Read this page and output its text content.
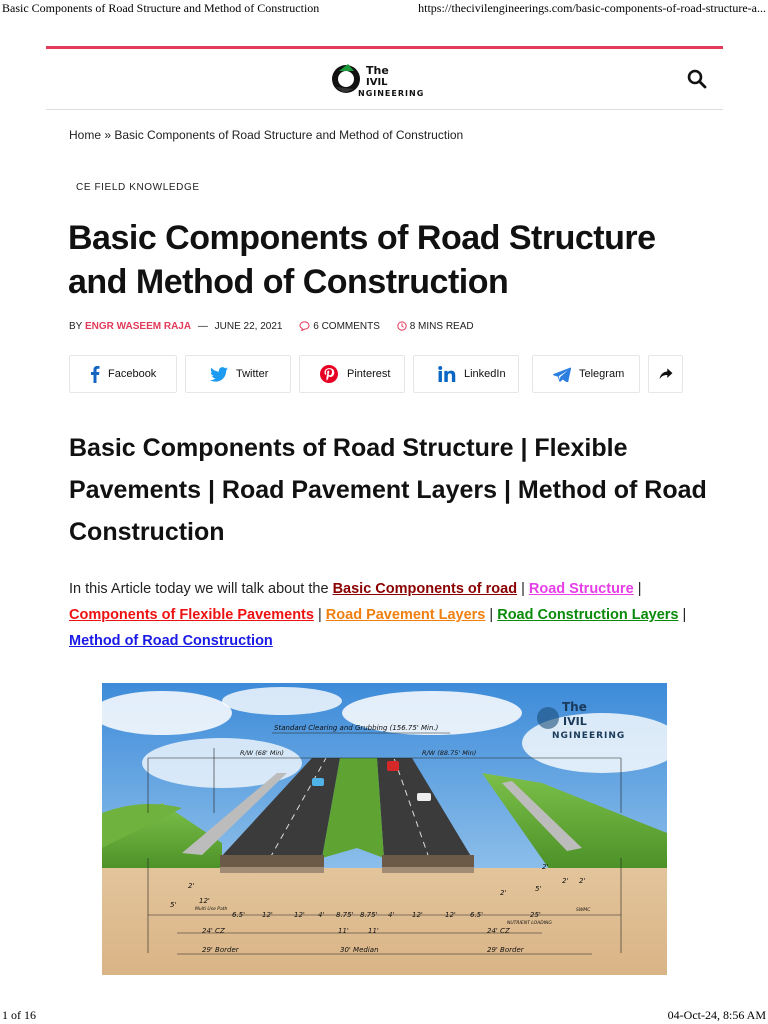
Basic Components of Road Structure and Method of Construction	https://thecivilengineerings.com/basic-components-of-road-structure-a...
The
IVIL
NGINEERING
Home » Basic Components of Road Structure and Method of Construction
CE FIELD KNOWLEDGE
Basic Components of Road Structure and Method of Construction
BY ENGR WASEEM RAJA — JUNE 22, 2021	6 COMMENTS	8 MINS READ
Facebook	Twitter	Pinterest	LinkedIn	Telegram
Basic Components of Road Structure | Flexible Pavements | Road Pavement Layers | Method of Road Construction
In this Article today we will talk about the Basic Components of road | Road Structure | Components of Flexible Pavements | Road Pavement Layers | Road Construction Layers | Method of Road Construction
Standard Clearing and Grubbing (156.75' Min.)
R/W (68' Min)	R/W (88.75' Min)
2'
2'	5'
2' 2'
2'
5'	12'
6.5' 12'	12' 4' 8.75' 8.75' 4'	12'	12' 6.5'	25'
24' CZ	24' CZ
11'	11'
29' Border	30' Median	29' Border
Multi Use Path
NUTRIENT LOADING
SWMC
The
IVIL
NGINEERING
1 of 16	04-Oct-24, 8:56 AM
